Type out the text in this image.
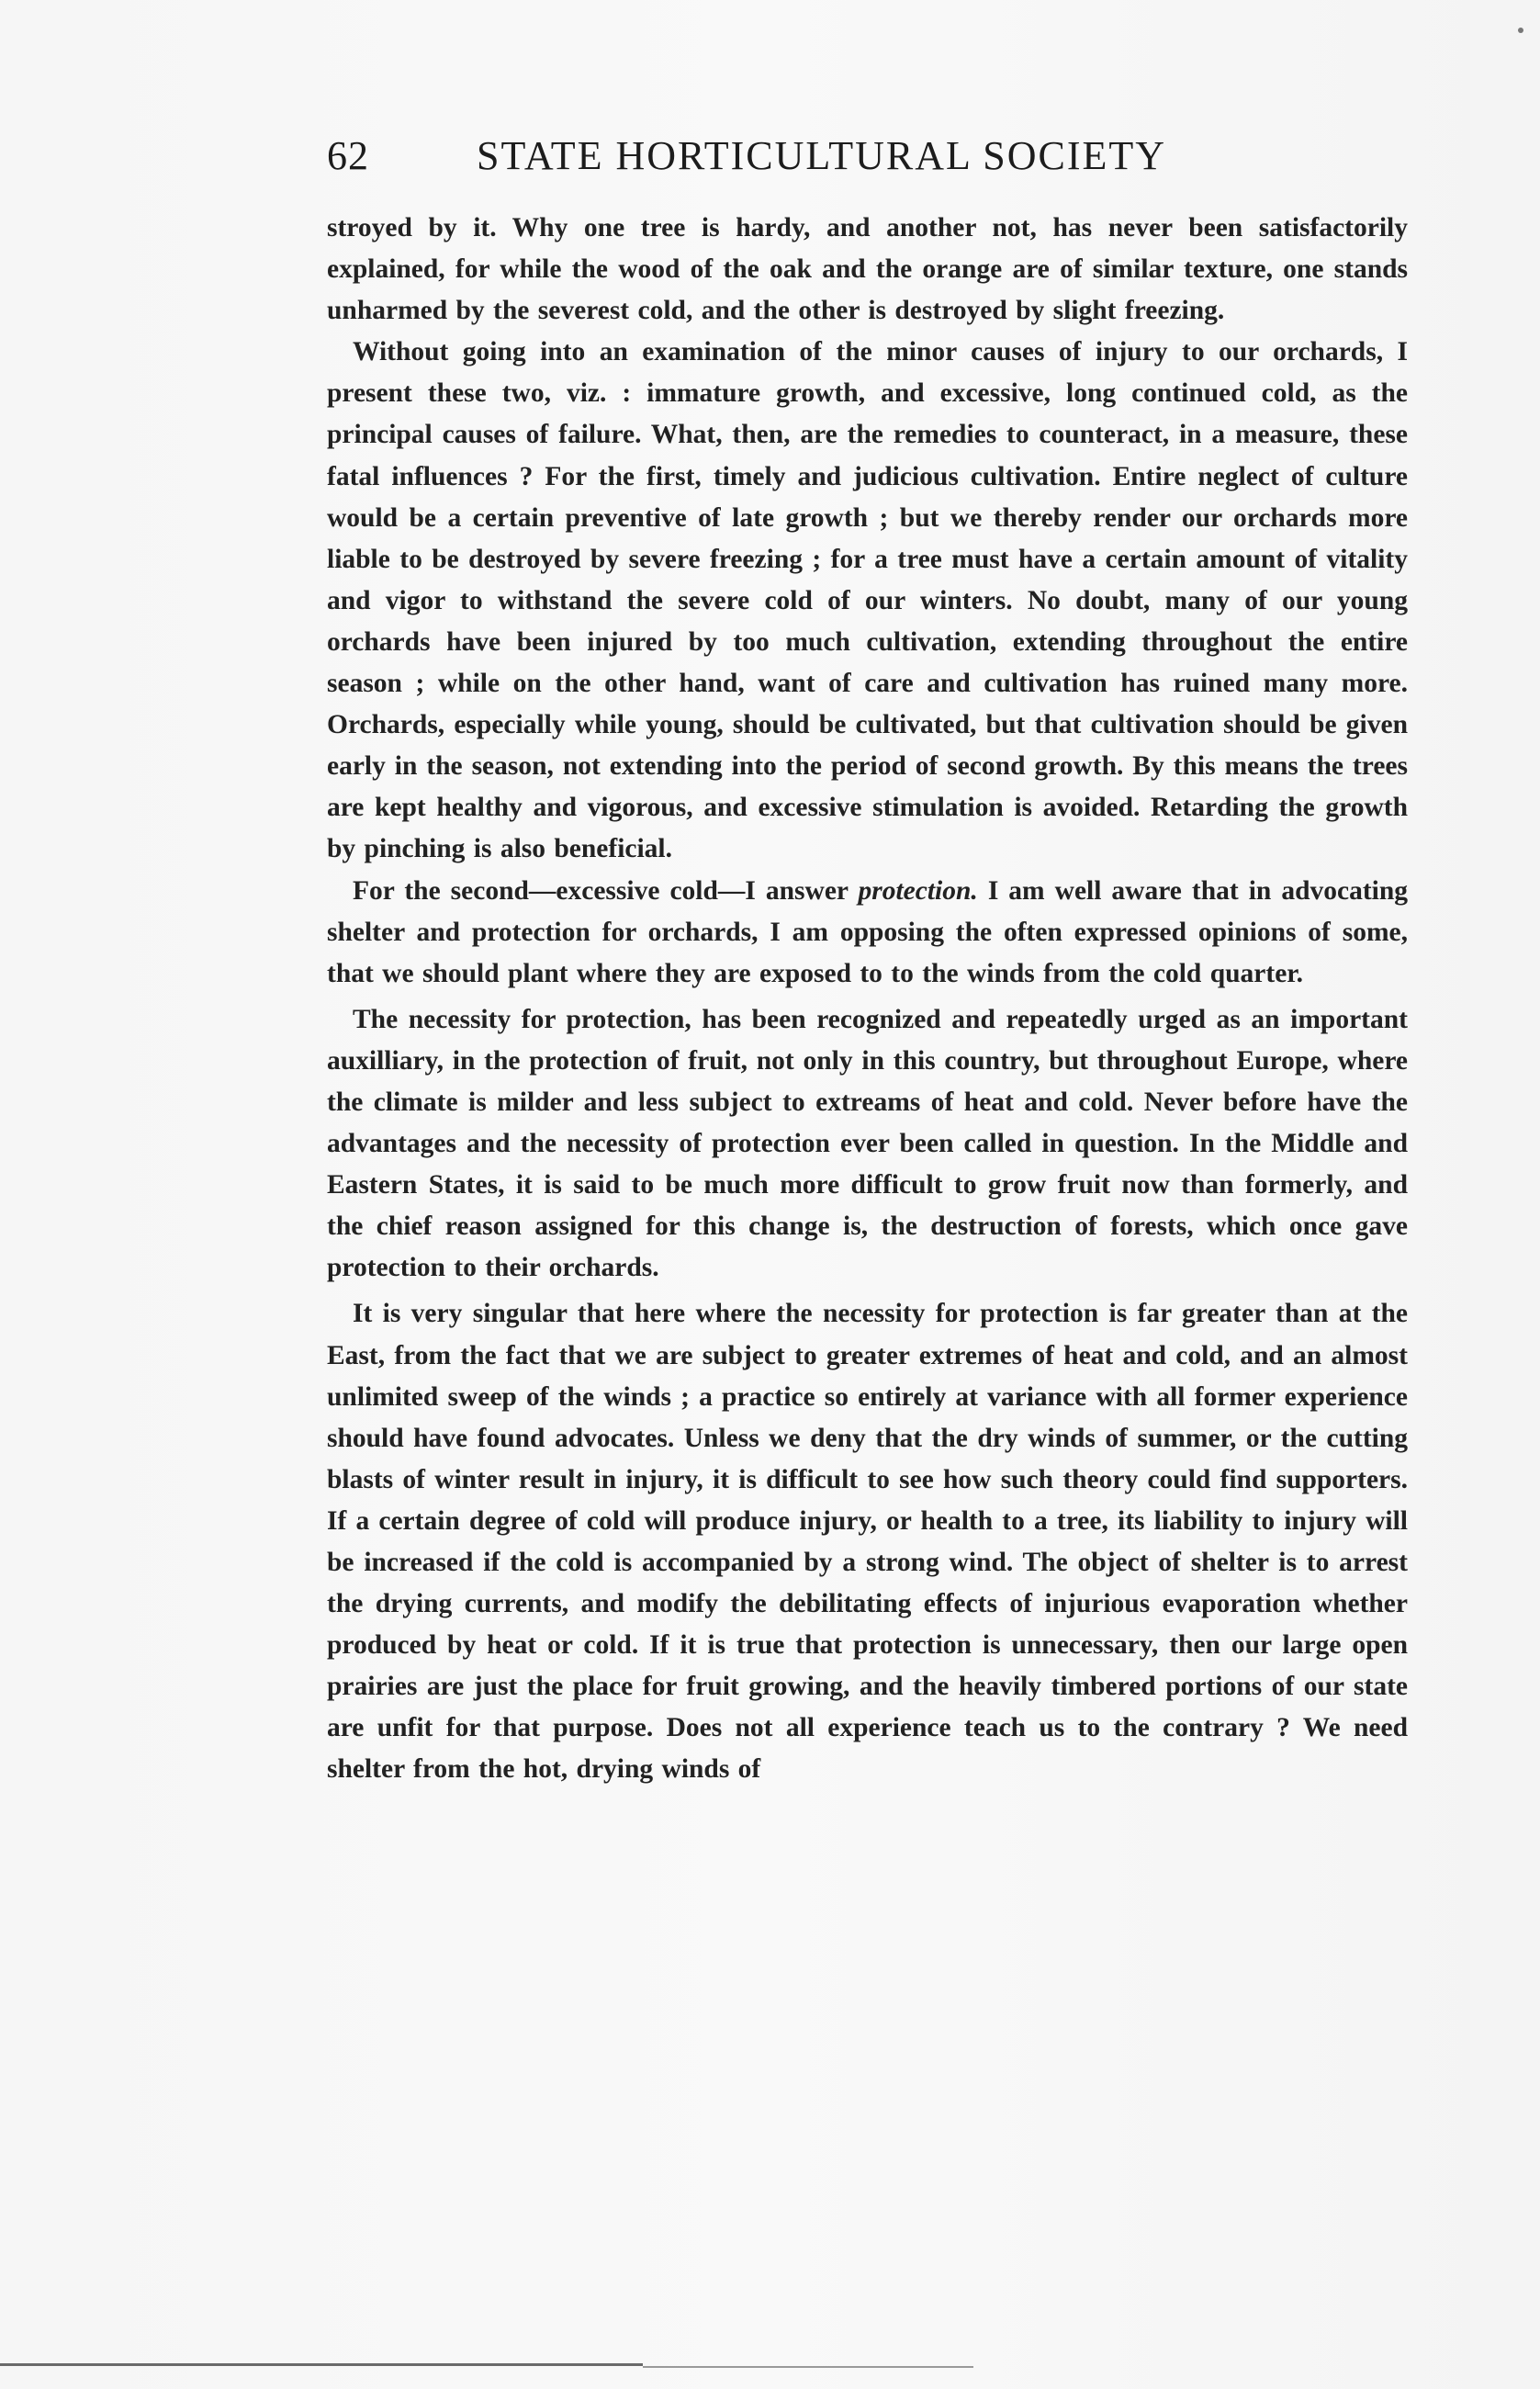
62	STATE HORTICULTURAL SOCIETY

stroyed by it. Why one tree is hardy, and another not, has never been satisfactorily explained, for while the wood of the oak and the orange are of similar texture, one stands unharmed by the severest cold, and the other is destroyed by slight freezing.

Without going into an examination of the minor causes of injury to our orchards, I present these two, viz. : immature growth, and excessive, long continued cold, as the principal causes of failure. What, then, are the remedies to counteract, in a measure, these fatal influences ? For the first, timely and judicious cultivation. Entire neglect of culture would be a certain preventive of late growth ; but we thereby render our orchards more liable to be destroyed by severe freezing ; for a tree must have a certain amount of vitality and vigor to withstand the severe cold of our winters. No doubt, many of our young orchards have been injured by too much cultivation, extending throughout the entire season ; while on the other hand, want of care and cultivation has ruined many more. Orchards, especially while young, should be cultivated, but that cultivation should be given early in the season, not extending into the period of second growth. By this means the trees are kept healthy and vigorous, and excessive stimulation is avoided. Retarding the growth by pinching is also beneficial.

For the second—excessive cold—I answer protection. I am well aware that in advocating shelter and protection for orchards, I am opposing the often expressed opinions of some, that we should plant where they are exposed to to the winds from the cold quarter.

The necessity for protection, has been recognized and repeatedly urged as an important auxilliary, in the protection of fruit, not only in this country, but throughout Europe, where the climate is milder and less subject to extreams of heat and cold. Never before have the advantages and the necessity of protection ever been called in question. In the Middle and Eastern States, it is said to be much more difficult to grow fruit now than formerly, and the chief reason assigned for this change is, the destruction of forests, which once gave protection to their orchards.

It is very singular that here where the necessity for protection is far greater than at the East, from the fact that we are subject to greater extremes of heat and cold, and an almost unlimited sweep of the winds ; a practice so entirely at variance with all former experience should have found advocates. Unless we deny that the dry winds of summer, or the cutting blasts of winter result in injury, it is difficult to see how such theory could find supporters. If a certain degree of cold will produce injury, or health to a tree, its liability to injury will be increased if the cold is accompanied by a strong wind. The object of shelter is to arrest the drying currents, and modify the debilitating effects of injurious evaporation whether produced by heat or cold. If it is true that protection is unnecessary, then our large open prairies are just the place for fruit growing, and the heavily timbered portions of our state are unfit for that purpose. Does not all experience teach us to the contrary ? We need shelter from the hot, drying winds of
